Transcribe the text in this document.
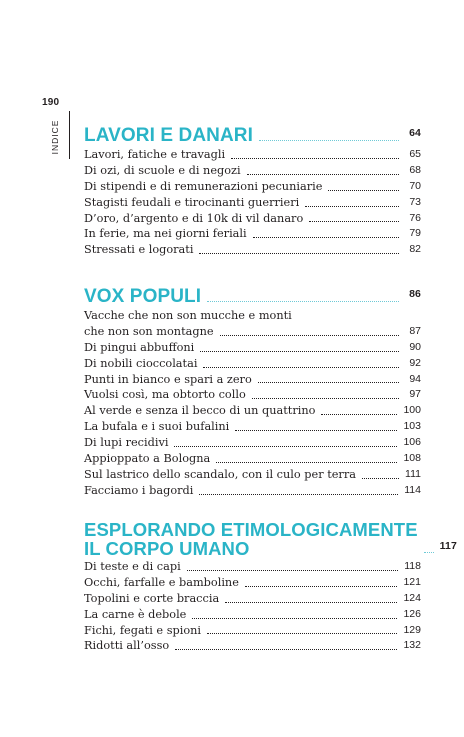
190
INDICE	LAVORI E DANARI	64
Lavori, fatiche e travagli	65
Di ozi, di scuole e di negozi	68
Di stipendi e di remunerazioni pecuniarie	70
Stagisti feudali e tirocinanti guerrieri	73
D’oro, d’argento e di 10k di vil danaro	76
In ferie, ma nei giorni feriali	79
Stressati e logorati	82
VOX POPULI	86
Vacche che non son mucche e monti
che non son montagne	87
Di pingui abbuffoni	90
Di nobili cioccolatai	92
Punti in bianco e spari a zero	94
Vuolsi così, ma obtorto collo	97
Al verde e senza il becco di un quattrino	100
La bufala e i suoi bufalini	103
Di lupi recidivi	106
Appioppato a Bologna	108
Sul lastrico dello scandalo, con il culo per terra	111
Facciamo i bagordi	114
ESPLORANDO ETIMOLOGICAMENTE
IL CORPO UMANO	117
Di teste e di capi	118
Occhi, farfalle e bamboline	121
Topolini e corte braccia	124
La carne è debole	126
Fichi, fegati e spioni	129
Ridotti all’osso	132
